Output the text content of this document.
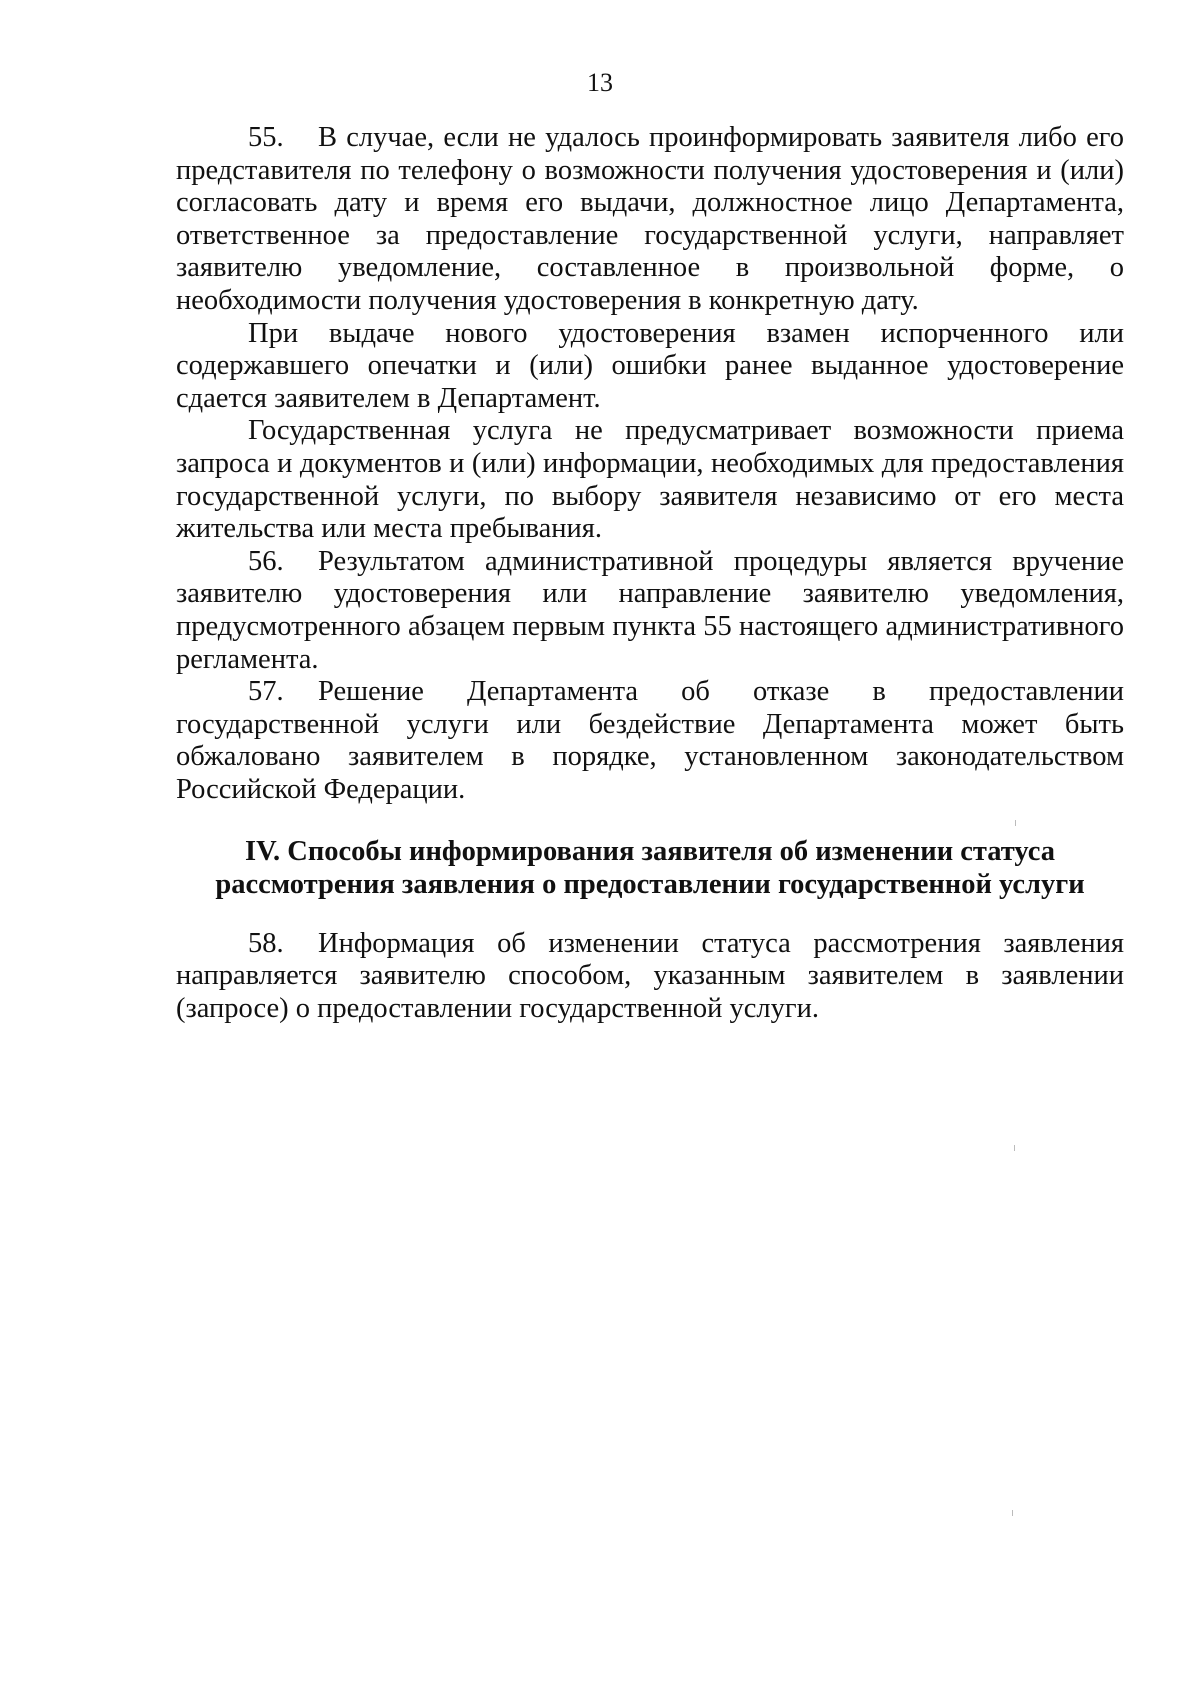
13

55. В случае, если не удалось проинформировать заявителя либо его представителя по телефону о возможности получения удостоверения и (или) согласовать дату и время его выдачи, должностное лицо Департамента, ответственное за предоставление государственной услуги, направляет заявителю уведомление, составленное в произвольной форме, о необходимости получения удостоверения в конкретную дату.

При выдаче нового удостоверения взамен испорченного или содержавшего опечатки и (или) ошибки ранее выданное удостоверение сдается заявителем в Департамент.

Государственная услуга не предусматривает возможности приема запроса и документов и (или) информации, необходимых для предоставления государственной услуги, по выбору заявителя независимо от его места жительства или места пребывания.

56. Результатом административной процедуры является вручение заявителю удостоверения или направление заявителю уведомления, предусмотренного абзацем первым пункта 55 настоящего административного регламента.

57. Решение Департамента об отказе в предоставлении государственной услуги или бездействие Департамента может быть обжаловано заявителем в порядке, установленном законодательством Российской Федерации.

IV. Способы информирования заявителя об изменении статуса
рассмотрения заявления о предоставлении государственной услуги

58. Информация об изменении статуса рассмотрения заявления направляется заявителю способом, указанным заявителем в заявлении (запросе) о предоставлении государственной услуги.
